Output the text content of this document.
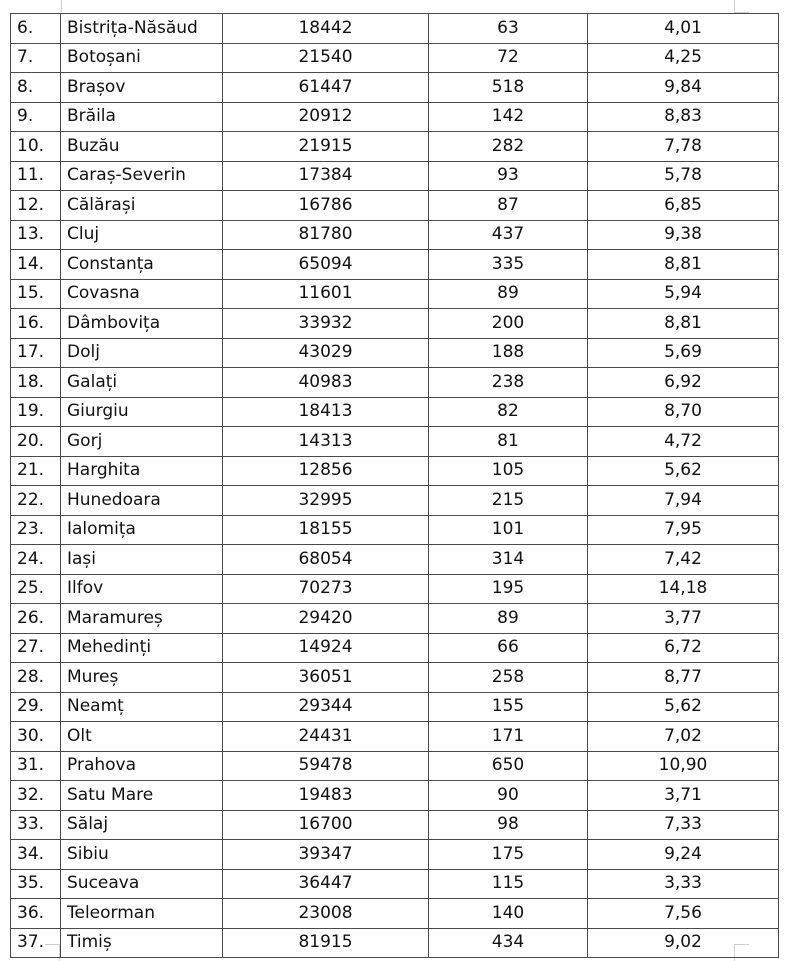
6.	Bistrița-Năsăud	18442	63	4,01
7.	Botoșani	21540	72	4,25
8.	Brașov	61447	518	9,84
9.	Brăila	20912	142	8,83
10.	Buzău	21915	282	7,78
11.	Caraș-Severin	17384	93	5,78
12.	Călărași	16786	87	6,85
13.	Cluj	81780	437	9,38
14.	Constanța	65094	335	8,81
15.	Covasna	11601	89	5,94
16.	Dâmbovița	33932	200	8,81
17.	Dolj	43029	188	5,69
18.	Galați	40983	238	6,92
19.	Giurgiu	18413	82	8,70
20.	Gorj	14313	81	4,72
21.	Harghita	12856	105	5,62
22.	Hunedoara	32995	215	7,94
23.	Ialomița	18155	101	7,95
24.	Iași	68054	314	7,42
25.	Ilfov	70273	195	14,18
26.	Maramureș	29420	89	3,77
27.	Mehedinți	14924	66	6,72
28.	Mureș	36051	258	8,77
29.	Neamț	29344	155	5,62
30.	Olt	24431	171	7,02
31.	Prahova	59478	650	10,90
32.	Satu Mare	19483	90	3,71
33.	Sălaj	16700	98	7,33
34.	Sibiu	39347	175	9,24
35.	Suceava	36447	115	3,33
36.	Teleorman	23008	140	7,56
37.	Timiș	81915	434	9,02
